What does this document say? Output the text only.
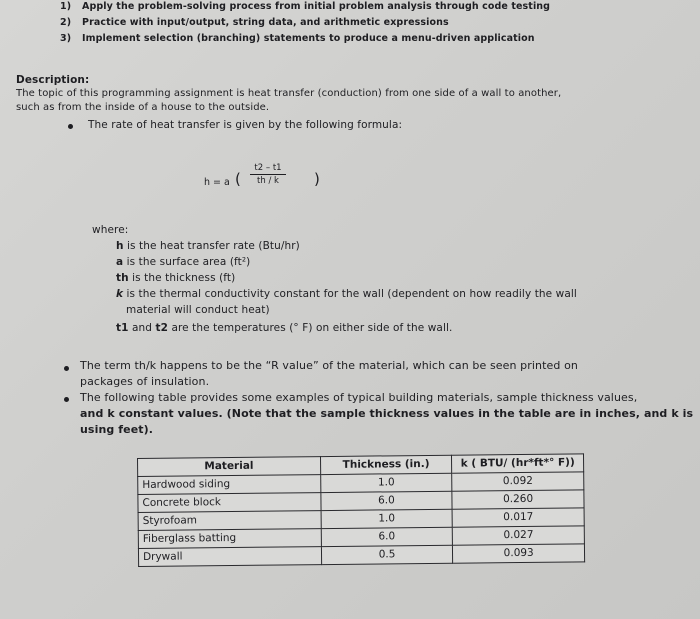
1) Apply the problem-solving process from initial problem analysis through code testing
2) Practice with input/output, string data, and arithmetic expressions
3) Implement selection (branching) statements to produce a menu-driven application
Description:
The topic of this programming assignment is heat transfer (conduction) from one side of a wall to another,
such as from the inside of a house to the outside.
The rate of heat transfer is given by the following formula:
h = a ( $\frac{t2 - t1}{th / k}$ )
where:
h is the heat transfer rate (Btu/hr)
a is the surface area (ft²)
th is the thickness (ft)
k is the thermal conductivity constant for the wall (dependent on how readily the wall
material will conduct heat)
t1 and t2 are the temperatures (° F) on either side of the wall.
The term th/k happens to be the “R value” of the material, which can be seen printed on
packages of insulation.
The following table provides some examples of typical building materials, sample thickness values,
and k constant values. (Note that the sample thickness values in the table are in inches, and k is
using feet).
Material	Thickness (in.)	k ( BTU/ (hr*ft*° F))
Hardwood siding	1.0	0.092
Concrete block	6.0	0.260
Styrofoam	1.0	0.017
Fiberglass batting	6.0	0.027
Drywall	0.5	0.093
